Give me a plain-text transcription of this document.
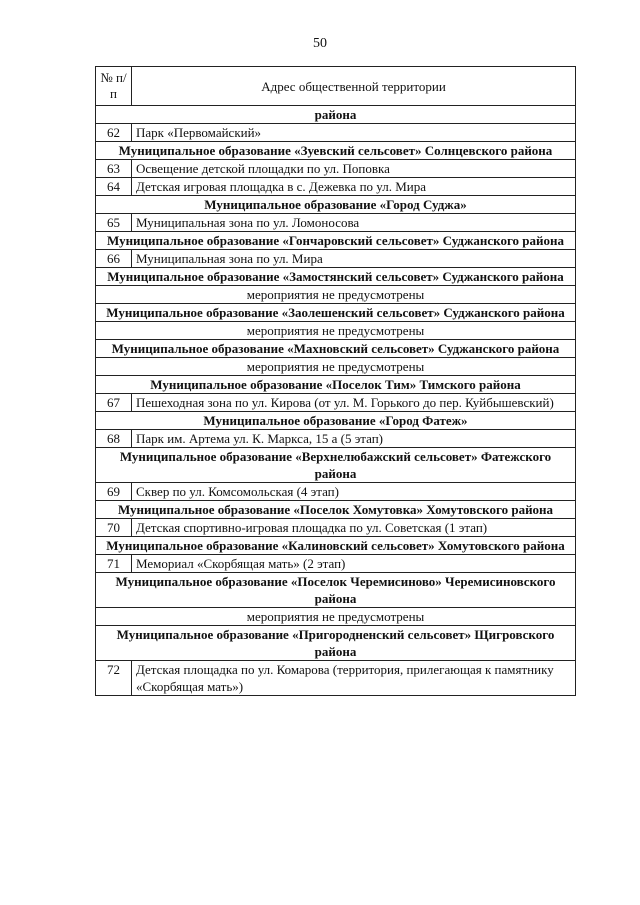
50
№ п/п	Адрес общественной территории
района	
62	Парк «Первомайский»
Муниципальное образование «Зуевский сельсовет» Солнцевского района	
63	Освещение детской площадки по ул. Поповка
64	Детская игровая площадка в с. Дежевка по ул. Мира
Муниципальное образование «Город Суджа»	
65	Муниципальная зона по ул. Ломоносова
Муниципальное образование «Гончаровский сельсовет» Суджанского района	
66	Муниципальная зона по ул. Мира
Муниципальное образование «Замостянский сельсовет» Суджанского района	
мероприятия не предусмотрены	
Муниципальное образование «Заолешенский сельсовет» Суджанского района	
мероприятия не предусмотрены	
Муниципальное образование «Махновский сельсовет» Суджанского района	
мероприятия не предусмотрены	
Муниципальное образование «Поселок Тим» Тимского района	
67	Пешеходная зона по ул. Кирова (от ул. М. Горького до пер. Куйбышевский)
Муниципальное образование «Город Фатеж»	
68	Парк им. Артема ул. К. Маркса, 15 а (5 этап)
Муниципальное образование «Верхнелюбажский сельсовет» Фатежского района	
69	Сквер по ул. Комсомольская (4 этап)
Муниципальное образование «Поселок Хомутовка» Хомутовского района	
70	Детская спортивно-игровая площадка по ул. Советская (1 этап)
Муниципальное образование «Калиновский сельсовет» Хомутовского района	
71	Мемориал «Скорбящая мать» (2 этап)
Муниципальное образование «Поселок Черемисиново» Черемисиновского района	
мероприятия не предусмотрены	
Муниципальное образование «Пригородненский сельсовет» Щигровского района	
72	Детская площадка по ул. Комарова (территория, прилегающая к памятнику «Скорбящая мать»)
